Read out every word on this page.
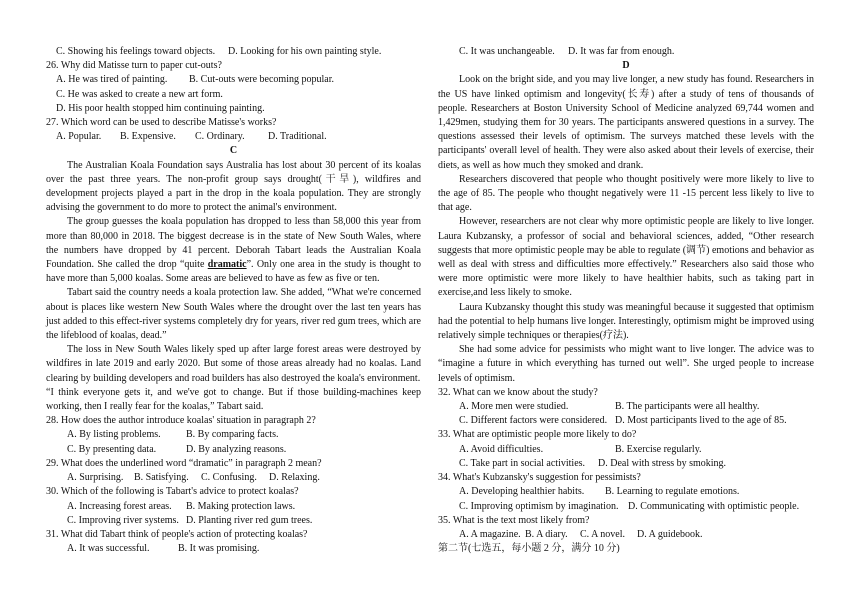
C. Showing his feelings toward objects.	D. Looking for his own painting style.

26. Why did Matisse turn to paper cut-outs?

A. He was tired of painting.	B. Cut-outs were becoming popular.

C. He was asked to create a new art form.

D. His poor health stopped him continuing painting.

27. Which word can be used to describe Matisse's works?

A. Popular.	B. Expensive.	C. Ordinary.	D. Traditional.

C

The Australian Koala Foundation says Australia has lost about 30 percent of its koalas over the past three years. The non-profit group says drought(干旱), wildfires and development projects played a part in the drop in the koala population. They are strongly advising the government to do more to protect the animal's environment.

The group guesses the koala population has dropped to less than 58,000 this year from more than 80,000 in 2018. The biggest decrease is in the state of New South Wales, where the numbers have dropped by 41 percent. Deborah Tabart leads the Australian Koala Foundation. She called the drop “quite dramatic”. Only one area in the study is thought to have more than 5,000 koalas. Some areas are believed to have as few as five or ten.

Tabart said the country needs a koala protection law. She added, “What we're concerned about is places like western New South Wales where the drought over the last ten years has just added to this effect-river systems completely dry for years, river red gum trees, which are the lifeblood of koalas, dead.”

The loss in New South Wales likely sped up after large forest areas were destroyed by wildfires in late 2019 and early 2020. But some of those areas already had no koalas. Land clearing by building developers and road builders has also destroyed the koala's environment.

“I think everyone gets it, and we've got to change. But if those building-machines keep working, then I really fear for the koalas,” Tabart said.

28. How does the author introduce koalas' situation in paragraph 2?

A. By listing problems.	B. By comparing facts.
C. By presenting data.	D. By analyzing reasons.

29. What does the underlined word “dramatic” in paragraph 2 mean?

A. Surprising.	B. Satisfying.	C. Confusing.	D. Relaxing.

30. Which of the following is Tabart's advice to protect koalas?

A. Increasing forest areas.	B. Making protection laws.
C. Improving river systems. D. Planting river red gum trees.

31. What did Tabart think of people's action of protecting koalas?

A. It was successful.	B. It was promising.
C. It was unchangeable.	D. It was far from enough.

D

Look on the bright side, and you may live longer, a new study has found. Researchers in the US have linked optimism and longevity(长寿) after a study of tens of thousands of people. Researchers at Boston University School of Medicine analyzed 69,744 women and 1,429men, studying them for 30 years. The participants answered questions in a survey. The questions assessed their levels of optimism. The surveys matched these levels with the participants' overall level of health. They were also asked about their levels of exercise, their diets, as well as how much they smoked and drank.

Researchers discovered that people who thought positively were more likely to live to the age of 85. The people who thought negatively were 11 -15 percent less likely to live to that age.

However, researchers are not clear why more optimistic people are likely to live longer. Laura Kubzansky, a professor of social and behavioral sciences, added, “Other research suggests that more optimistic people may be able to regulate (调节) emotions and behavior as well as deal with stress and difficulties more effectively.” Researchers also said those who were more optimistic were more likely to have healthier habits, such as taking part in exercise,and less likely to smoke.

Laura Kubzansky thought this study was meaningful because it suggested that optimism had the potential to help humans live longer. Interestingly, optimism might be improved using relatively simple techniques or therapies(疗法).

She had some advice for pessimists who might want to live longer. The advice was to “imagine a future in which everything has turned out well”. She urged people to increase levels of optimism.

32. What can we know about the study?

A. More men were studied.	B. The participants were all healthy.
C. Different factors were considered. D. Most participants lived to the age of 85.

33. What are optimistic people more likely to do?

A. Avoid difficulties.	B. Exercise regularly.
C. Take part in social activities.	D. Deal with stress by smoking.

34. What's Kubzansky's suggestion for pessimists?

A. Developing healthier habits.	B. Learning to regulate emotions.
C. Improving optimism by imagination. D. Communicating with optimistic people.

35. What is the text most likely from?

A. A magazine. B. A diary.	C. A novel.	D. A guidebook.

第二节(七选五，每小题 2 分，满分 10 分)
